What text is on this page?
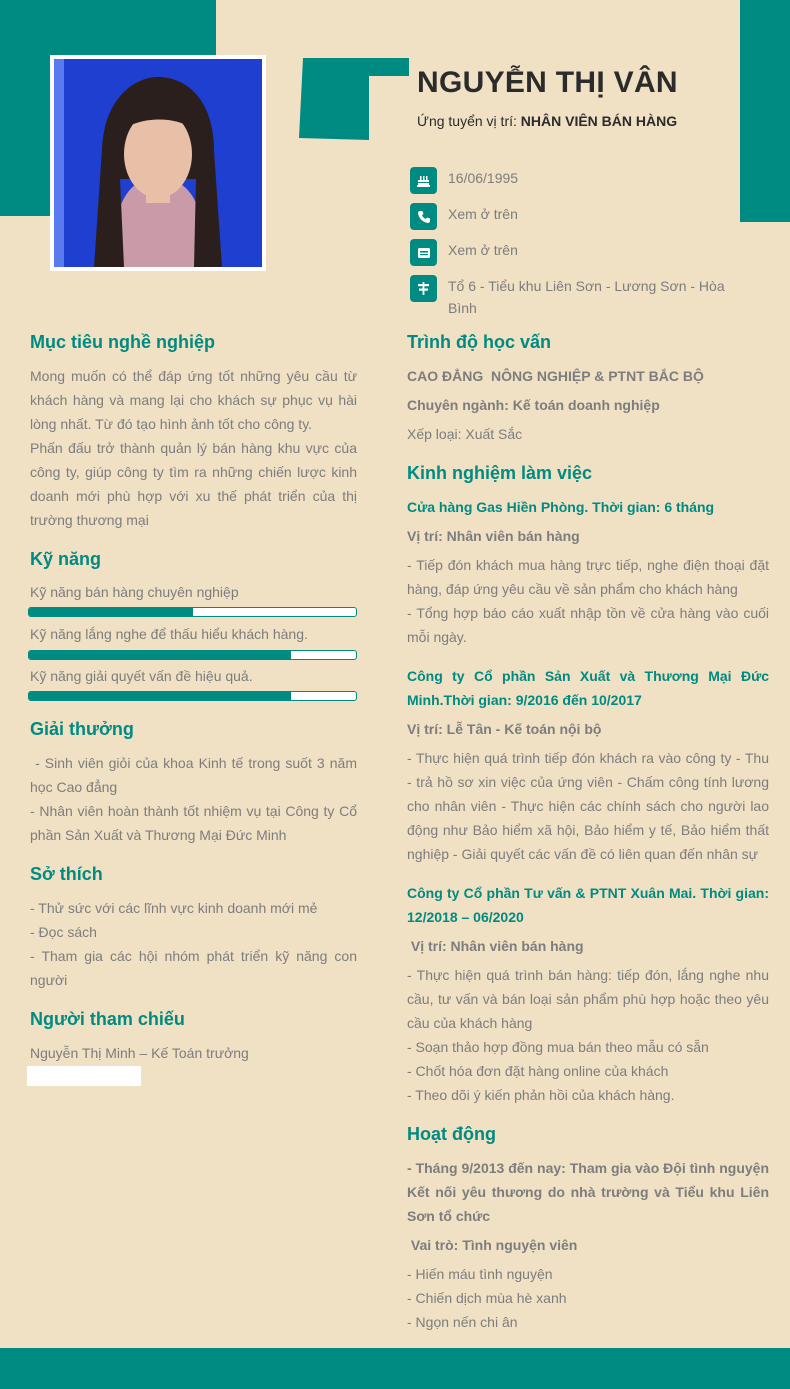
NGUYỄN THỊ VÂN
Ứng tuyển vị trí: NHÂN VIÊN BÁN HÀNG
16/06/1995
Xem ở trên
Xem ở trên
Tổ 6 - Tiểu khu Liên Sơn - Lương Sơn - Hòa Bình
Mục tiêu nghề nghiệp
Mong muốn có thể đáp ứng tốt những yêu cầu từ khách hàng và mang lại cho khách sự phục vụ hài lòng nhất. Từ đó tạo hình ảnh tốt cho công ty.
Phấn đấu trở thành quản lý bán hàng khu vực của công ty, giúp công ty tìm ra những chiến lược kinh doanh mới phù hợp với xu thế phát triển của thị trường thương mại
Kỹ năng
Kỹ năng bán hàng chuyên nghiệp
Kỹ năng lắng nghe để thấu hiểu khách hàng.
Kỹ năng giải quyết vấn đề hiệu quả.
Giải thưởng
- Sinh viên giỏi của khoa Kinh tế trong suốt 3 năm học Cao đẳng
- Nhân viên hoàn thành tốt nhiệm vụ tại Công ty Cổ phần Sản Xuất và Thương Mại Đức Minh
Sở thích
- Thử sức với các lĩnh vực kinh doanh mới mẻ
- Đọc sách
- Tham gia các hội nhóm phát triển kỹ năng con người
Người tham chiếu
Nguyễn Thị Minh – Kế Toán trưởng
Trình độ học vấn
CAO ĐẲNG  NÔNG NGHIỆP & PTNT BẮC BỘ
Chuyên ngành: Kế toán doanh nghiệp
Xếp loại: Xuất Sắc
Kinh nghiệm làm việc
Cửa hàng Gas Hiền Phòng. Thời gian: 6 tháng
Vị trí: Nhân viên bán hàng
- Tiếp đón khách mua hàng trực tiếp, nghe điện thoại đặt hàng, đáp ứng yêu cầu về sản phẩm cho khách hàng
- Tổng hợp báo cáo xuất nhập tồn về cửa hàng vào cuối mỗi ngày.
Công ty Cổ phần Sản Xuất và Thương Mại Đức Minh.Thời gian: 9/2016 đến 10/2017
Vị trí: Lễ Tân - Kế toán nội bộ
- Thực hiện quá trình tiếp đón khách ra vào công ty - Thu - trả hồ sơ xin việc của ứng viên - Chấm công tính lương cho nhân viên - Thực hiện các chính sách cho người lao động như Bảo hiểm xã hội, Bảo hiểm y tế, Bảo hiểm thất nghiệp - Giải quyết các vấn đề có liên quan đến nhân sự
Công ty Cổ phần Tư vấn & PTNT Xuân Mai. Thời gian: 12/2018 – 06/2020
Vị trí: Nhân viên bán hàng
- Thực hiện quá trình bán hàng: tiếp đón, lắng nghe nhu cầu, tư vấn và bán loại sản phẩm phù hợp hoặc theo yêu cầu của khách hàng
- Soạn thảo hợp đồng mua bán theo mẫu có sẵn
- Chốt hóa đơn đặt hàng online của khách
- Theo dõi ý kiến phản hồi của khách hàng.
Hoạt động
- Tháng 9/2013 đến nay: Tham gia vào Đội tình nguyện Kết nối yêu thương do nhà trường và Tiểu khu Liên Sơn tổ chức
Vai trò: Tình nguyện viên
- Hiến máu tình nguyện
- Chiến dịch mùa hè xanh
- Ngọn nến chi ân
